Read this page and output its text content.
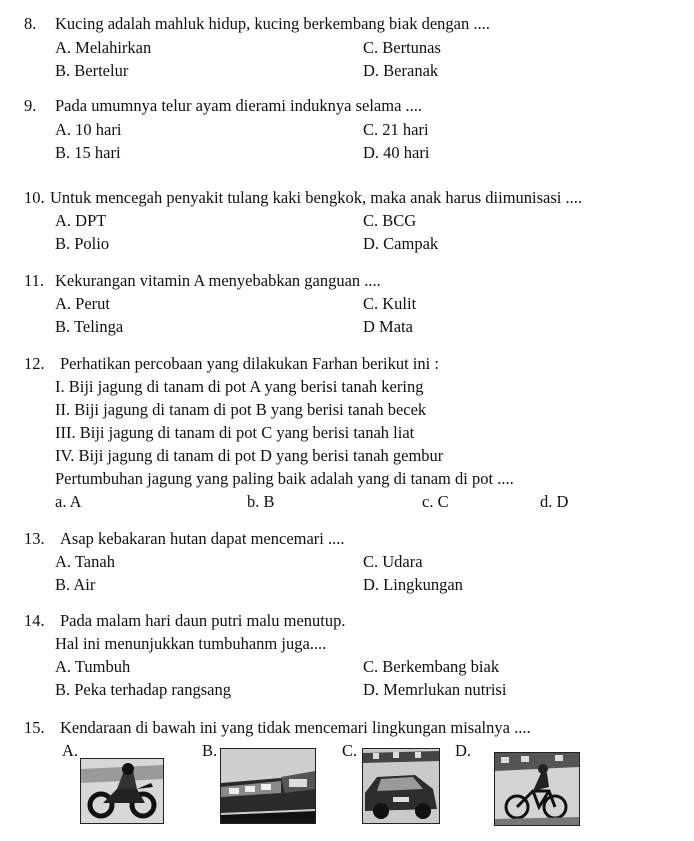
8. Kucing adalah mahluk hidup, kucing berkembang biak dengan ....
A. Melahirkan	C. Bertunas
B. Bertelur	D. Beranak
9. Pada umumnya telur ayam dierami induknya selama ....
A. 10 hari	C. 21 hari
B. 15 hari	D. 40 hari
10. Untuk mencegah penyakit tulang kaki bengkok, maka anak harus diimunisasi ....
A. DPT	C. BCG
B. Polio	D. Campak
11. Kekurangan vitamin A menyebabkan ganguan ....
A. Perut	C. Kulit
B. Telinga	D Mata
12. Perhatikan percobaan yang dilakukan Farhan berikut ini :
I. Biji jagung di tanam di pot A yang berisi tanah kering
II. Biji jagung di tanam di pot B yang berisi tanah becek
III. Biji jagung di tanam di pot C yang berisi tanah liat
IV. Biji jagung di tanam di pot D yang berisi tanah gembur
Pertumbuhan jagung yang paling baik adalah yang di tanam di pot ....
a. A	b. B	c. C	d. D
13. Asap kebakaran hutan dapat mencemari ....
A. Tanah	C. Udara
B. Air	D. Lingkungan
14. Pada malam hari daun putri malu menutup.
Hal ini menunjukkan tumbuhanm juga....
A. Tumbuh	C. Berkembang biak
B. Peka terhadap rangsang	D. Memrlukan nutrisi
15. Kendaraan di bawah ini yang tidak mencemari lingkungan misalnya ....
A.	B.	C.	D.
